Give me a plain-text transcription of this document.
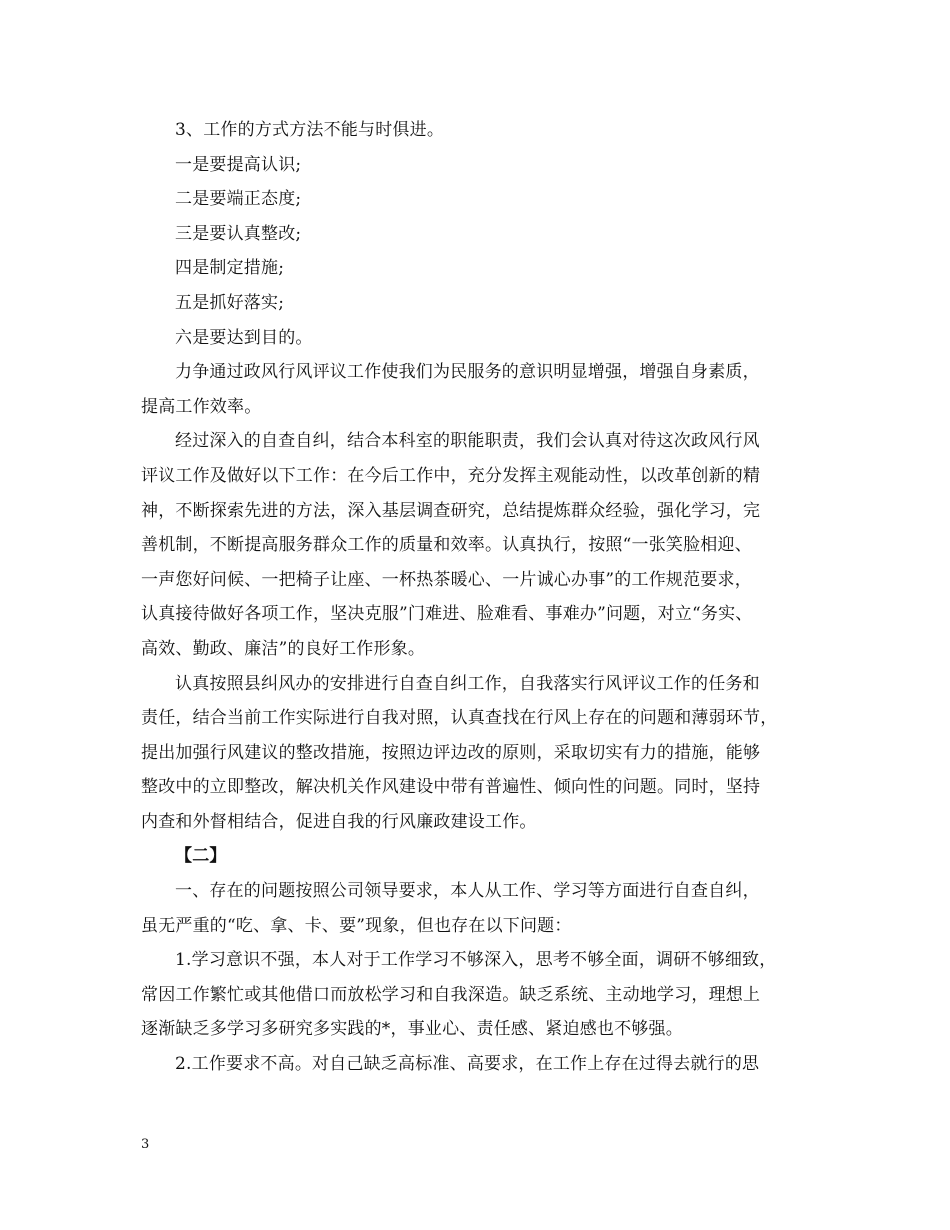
3、工作的方式方法不能与时俱进。
一是要提高认识;
二是要端正态度;
三是要认真整改;
四是制定措施;
五是抓好落实;
六是要达到目的。
力争通过政风行风评议工作使我们为民服务的意识明显增强，增强自身素质，
提高工作效率。
经过深入的自查自纠，结合本科室的职能职责，我们会认真对待这次政风行风
评议工作及做好以下工作：在今后工作中，充分发挥主观能动性，以改革创新的精
神，不断探索先进的方法，深入基层调查研究，总结提炼群众经验，强化学习，完
善机制，不断提高服务群众工作的质量和效率。认真执行，按照“一张笑脸相迎、
一声您好问候、一把椅子让座、一杯热茶暖心、一片诚心办事”的工作规范要求，
认真接待做好各项工作，坚决克服”门难进、脸难看、事难办”问题，对立“务实、
高效、勤政、廉洁”的良好工作形象。
认真按照县纠风办的安排进行自查自纠工作，自我落实行风评议工作的任务和
责任，结合当前工作实际进行自我对照，认真查找在行风上存在的问题和薄弱环节，
提出加强行风建议的整改措施，按照边评边改的原则，采取切实有力的措施，能够
整改中的立即整改，解决机关作风建设中带有普遍性、倾向性的问题。同时，坚持
内查和外督相结合，促进自我的行风廉政建设工作。
【二】
一、存在的问题按照公司领导要求，本人从工作、学习等方面进行自查自纠，
虽无严重的“吃、拿、卡、要”现象，但也存在以下问题：
1.学习意识不强，本人对于工作学习不够深入，思考不够全面，调研不够细致，
常因工作繁忙或其他借口而放松学习和自我深造。缺乏系统、主动地学习，理想上
逐渐缺乏多学习多研究多实践的*，事业心、责任感、紧迫感也不够强。
2.工作要求不高。对自己缺乏高标准、高要求，在工作上存在过得去就行的思
3
